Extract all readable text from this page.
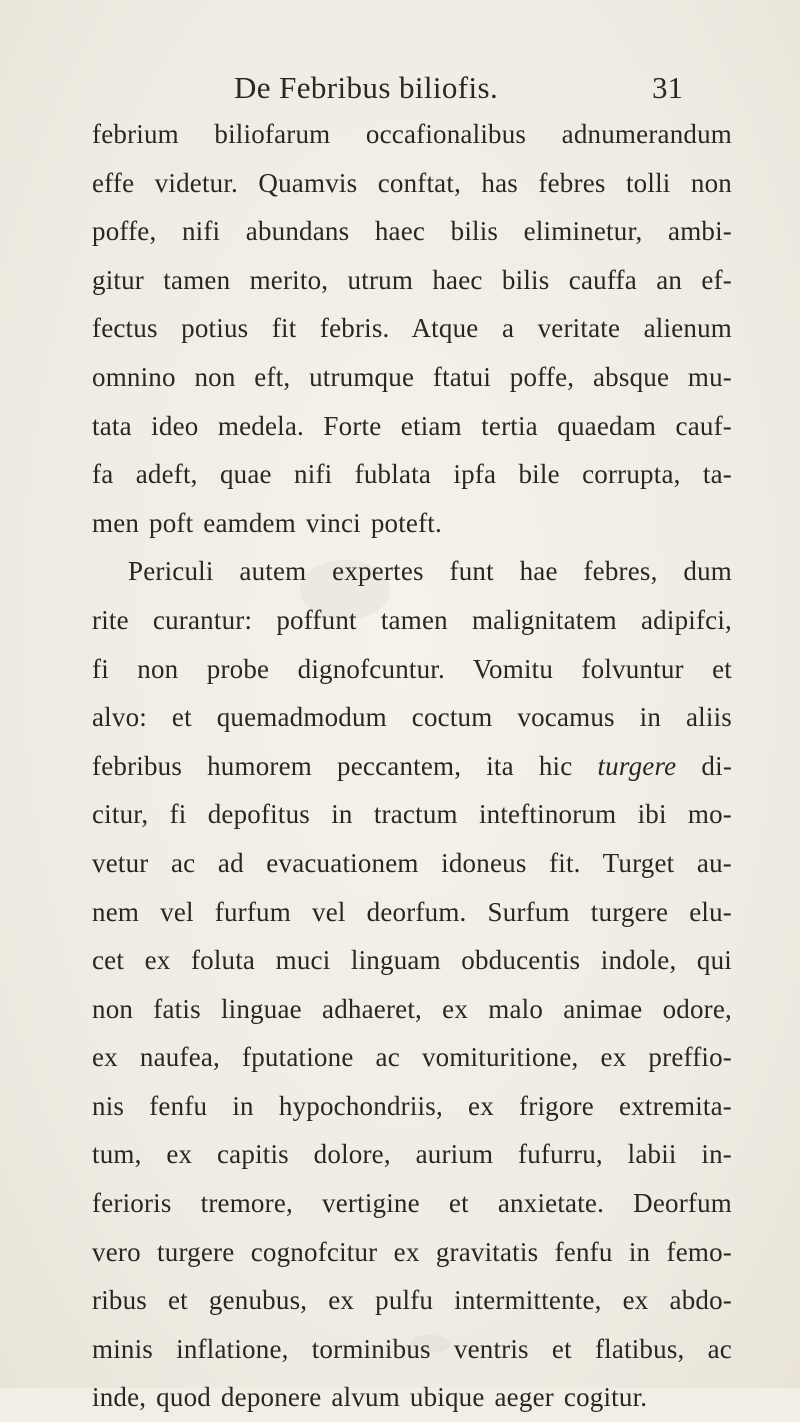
De Febribus biliofis.	31
febrium biliofarum occafionalibus adnumerandum
effe videtur. Quamvis conftat, has febres tolli non
poffe, nifi abundans haec bilis eliminetur, ambi-
gitur tamen merito, utrum haec bilis cauffa an ef-
fectus potius fit febris. Atque a veritate alienum
omnino non eft, utrumque ftatui poffe, absque mu-
tata ideo medela. Forte etiam tertia quaedam cauf-
fa adeft, quae nifi fublata ipfa bile corrupta, ta-
men poft eamdem vinci poteft.
Periculi autem expertes funt hae febres, dum
rite curantur: poffunt tamen malignitatem adipifci,
fi non probe dignofcuntur. Vomitu folvuntur et
alvo: et quemadmodum coctum vocamus in aliis
febribus humorem peccantem, ita hic turgere di-
citur, fi depofitus in tractum inteftinorum ibi mo-
vetur ac ad evacuationem idoneus fit. Turget au-
nem vel furfum vel deorfum. Surfum turgere elu-
cet ex foluta muci linguam obducentis indole, qui
non fatis linguae adhaeret, ex malo animae odore,
ex naufea, fputatione ac vomituritione, ex preffio-
nis fenfu in hypochondriis, ex frigore extremita-
tum, ex capitis dolore, aurium fufurru, labii in-
ferioris tremore, vertigine et anxietate. Deorfum
vero turgere cognofcitur ex gravitatis fenfu in femo-
ribus et genubus, ex pulfu intermittente, ex abdo-
minis inflatione, torminibus ventris et flatibus, ac
inde, quod deponere alvum ubique aeger cogitur.
